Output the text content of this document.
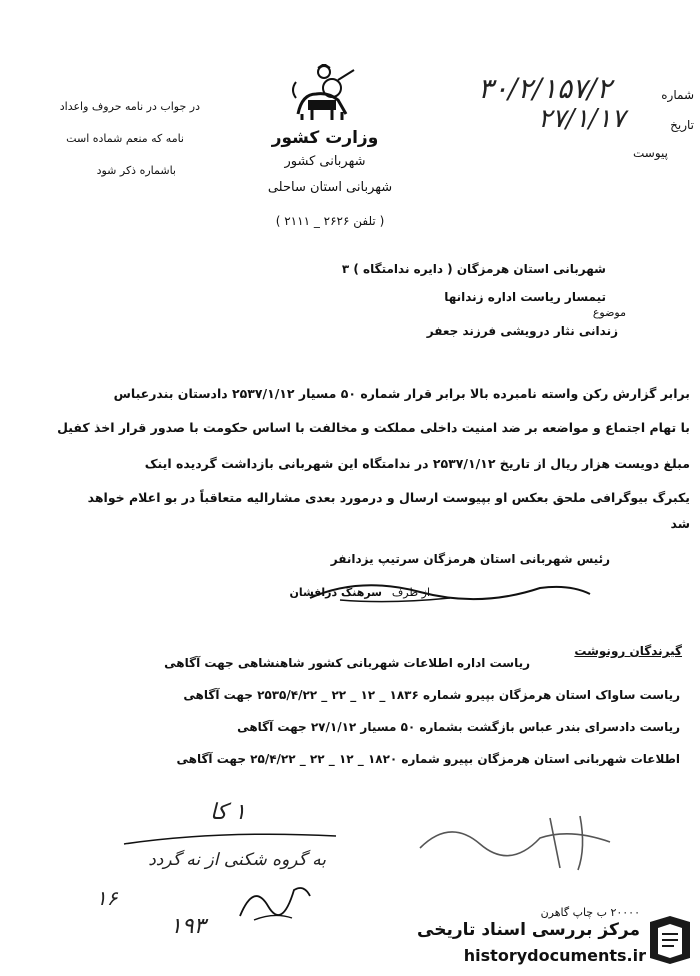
وزارت کشور
شهربانی کشور
شهربانی استان ساحلی
( تلفن ۲۶۲۶ _ ۲۱۱۱ )
در جواب در نامه حروف واعداد
نامه که منعم شماده است
باشماره ذکر شود
شماره
۳۰/۲/۱۵۷/۲
تاریخ
۲۷/۱/۱۷
پیوست
شهربانی استان هرمزگان ( دایره ندامتگاه ) ۳
تیمسار ریاست اداره زندانها
موضوع
زندانی نثار درویشی فرزند جعفر
برابر گزارش رکن واسته نامبرده بالا برابر قرار شماره ۵۰ مسیار ۲۵۳۷/۱/۱۲ دادستان بندرعباس
با تهام اجتماع و مواضعه بر ضد امنیت داخلی مملکت و مخالفت با اساس حکومت با صدور قرار اخذ کفیل
مبلغ دویست هزار ریال از تاریخ ۲۵۳۷/۱/۱۲ در ندامتگاه این شهربانی بازداشت گردیده اینک
یکبرگ بیوگرافی ملحق بعکس او بپیوست ارسال و درمورد بعدی مشارالیه متعاقباً در بو اعلام خواهد
شد
رئیس شهربانی استان هرمزگان سرتیپ یزدانفر
از طرف
سرهنگ درافشان
گیرندگان رونوشت
ریاست اداره اطلاعات شهربانی کشور شاهنشاهی جهت آگاهی
ریاست ساواک استان هرمزگان بپیرو شماره ۱۸۳۶ _ ۱۲ _ ۲۲ _ ۲۵۳۵/۴/۲۲ جهت آگاهی
ریاست دادسرای بندر عباس بازگشت بشماره ۵۰ مسیار ۲۷/۱/۱۲ جهت آگاهی
اطلاعات شهربانی استان هرمزگان بپیرو شماره ۱۸۲۰ _ ۱۲ _ ۲۲ _ ۲۵/۴/۲۲ جهت آگاهی
۱ کا
به گروه شکنی از نه گردد
۱۶
۱۹۳
۲۰۰۰۰ ب چاپ گاهرن
مرکز بررسی اسناد تاریخی
historydocuments.ir
